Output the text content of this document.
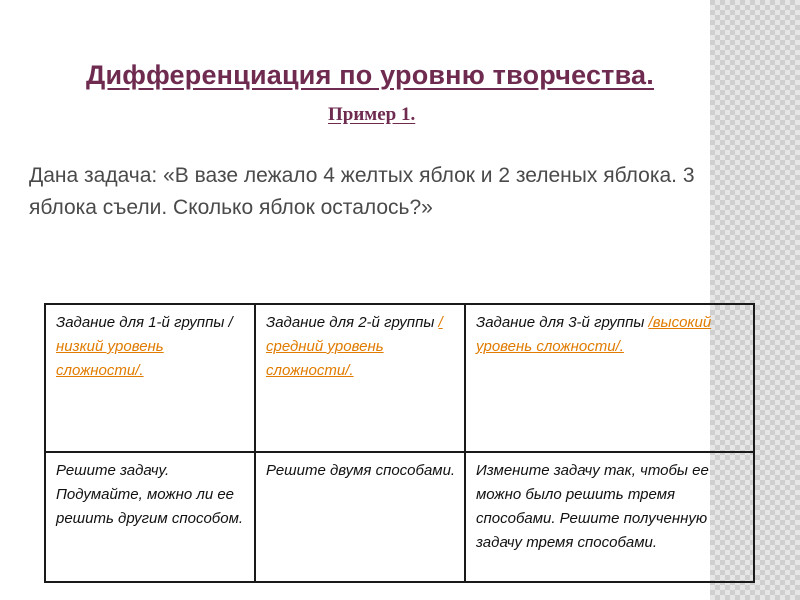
Дифференциация по уровню творчества.
Пример 1.
Дана задача: «В вазе лежало 4 желтых яблок и 2 зеленых яблока. 3 яблока съели. Сколько яблок осталось?»
Задание для 1-й группы /низкий уровень сложности/.	Задание для 2-й группы /средний уровень сложности/.	Задание для 3-й группы /высокий уровень сложности/.
Решите задачу. Подумайте, можно ли ее решить другим способом.	Решите двумя способами.	Измените задачу так, чтобы ее можно было решить тремя способами. Решите полученную задачу тремя способами.
